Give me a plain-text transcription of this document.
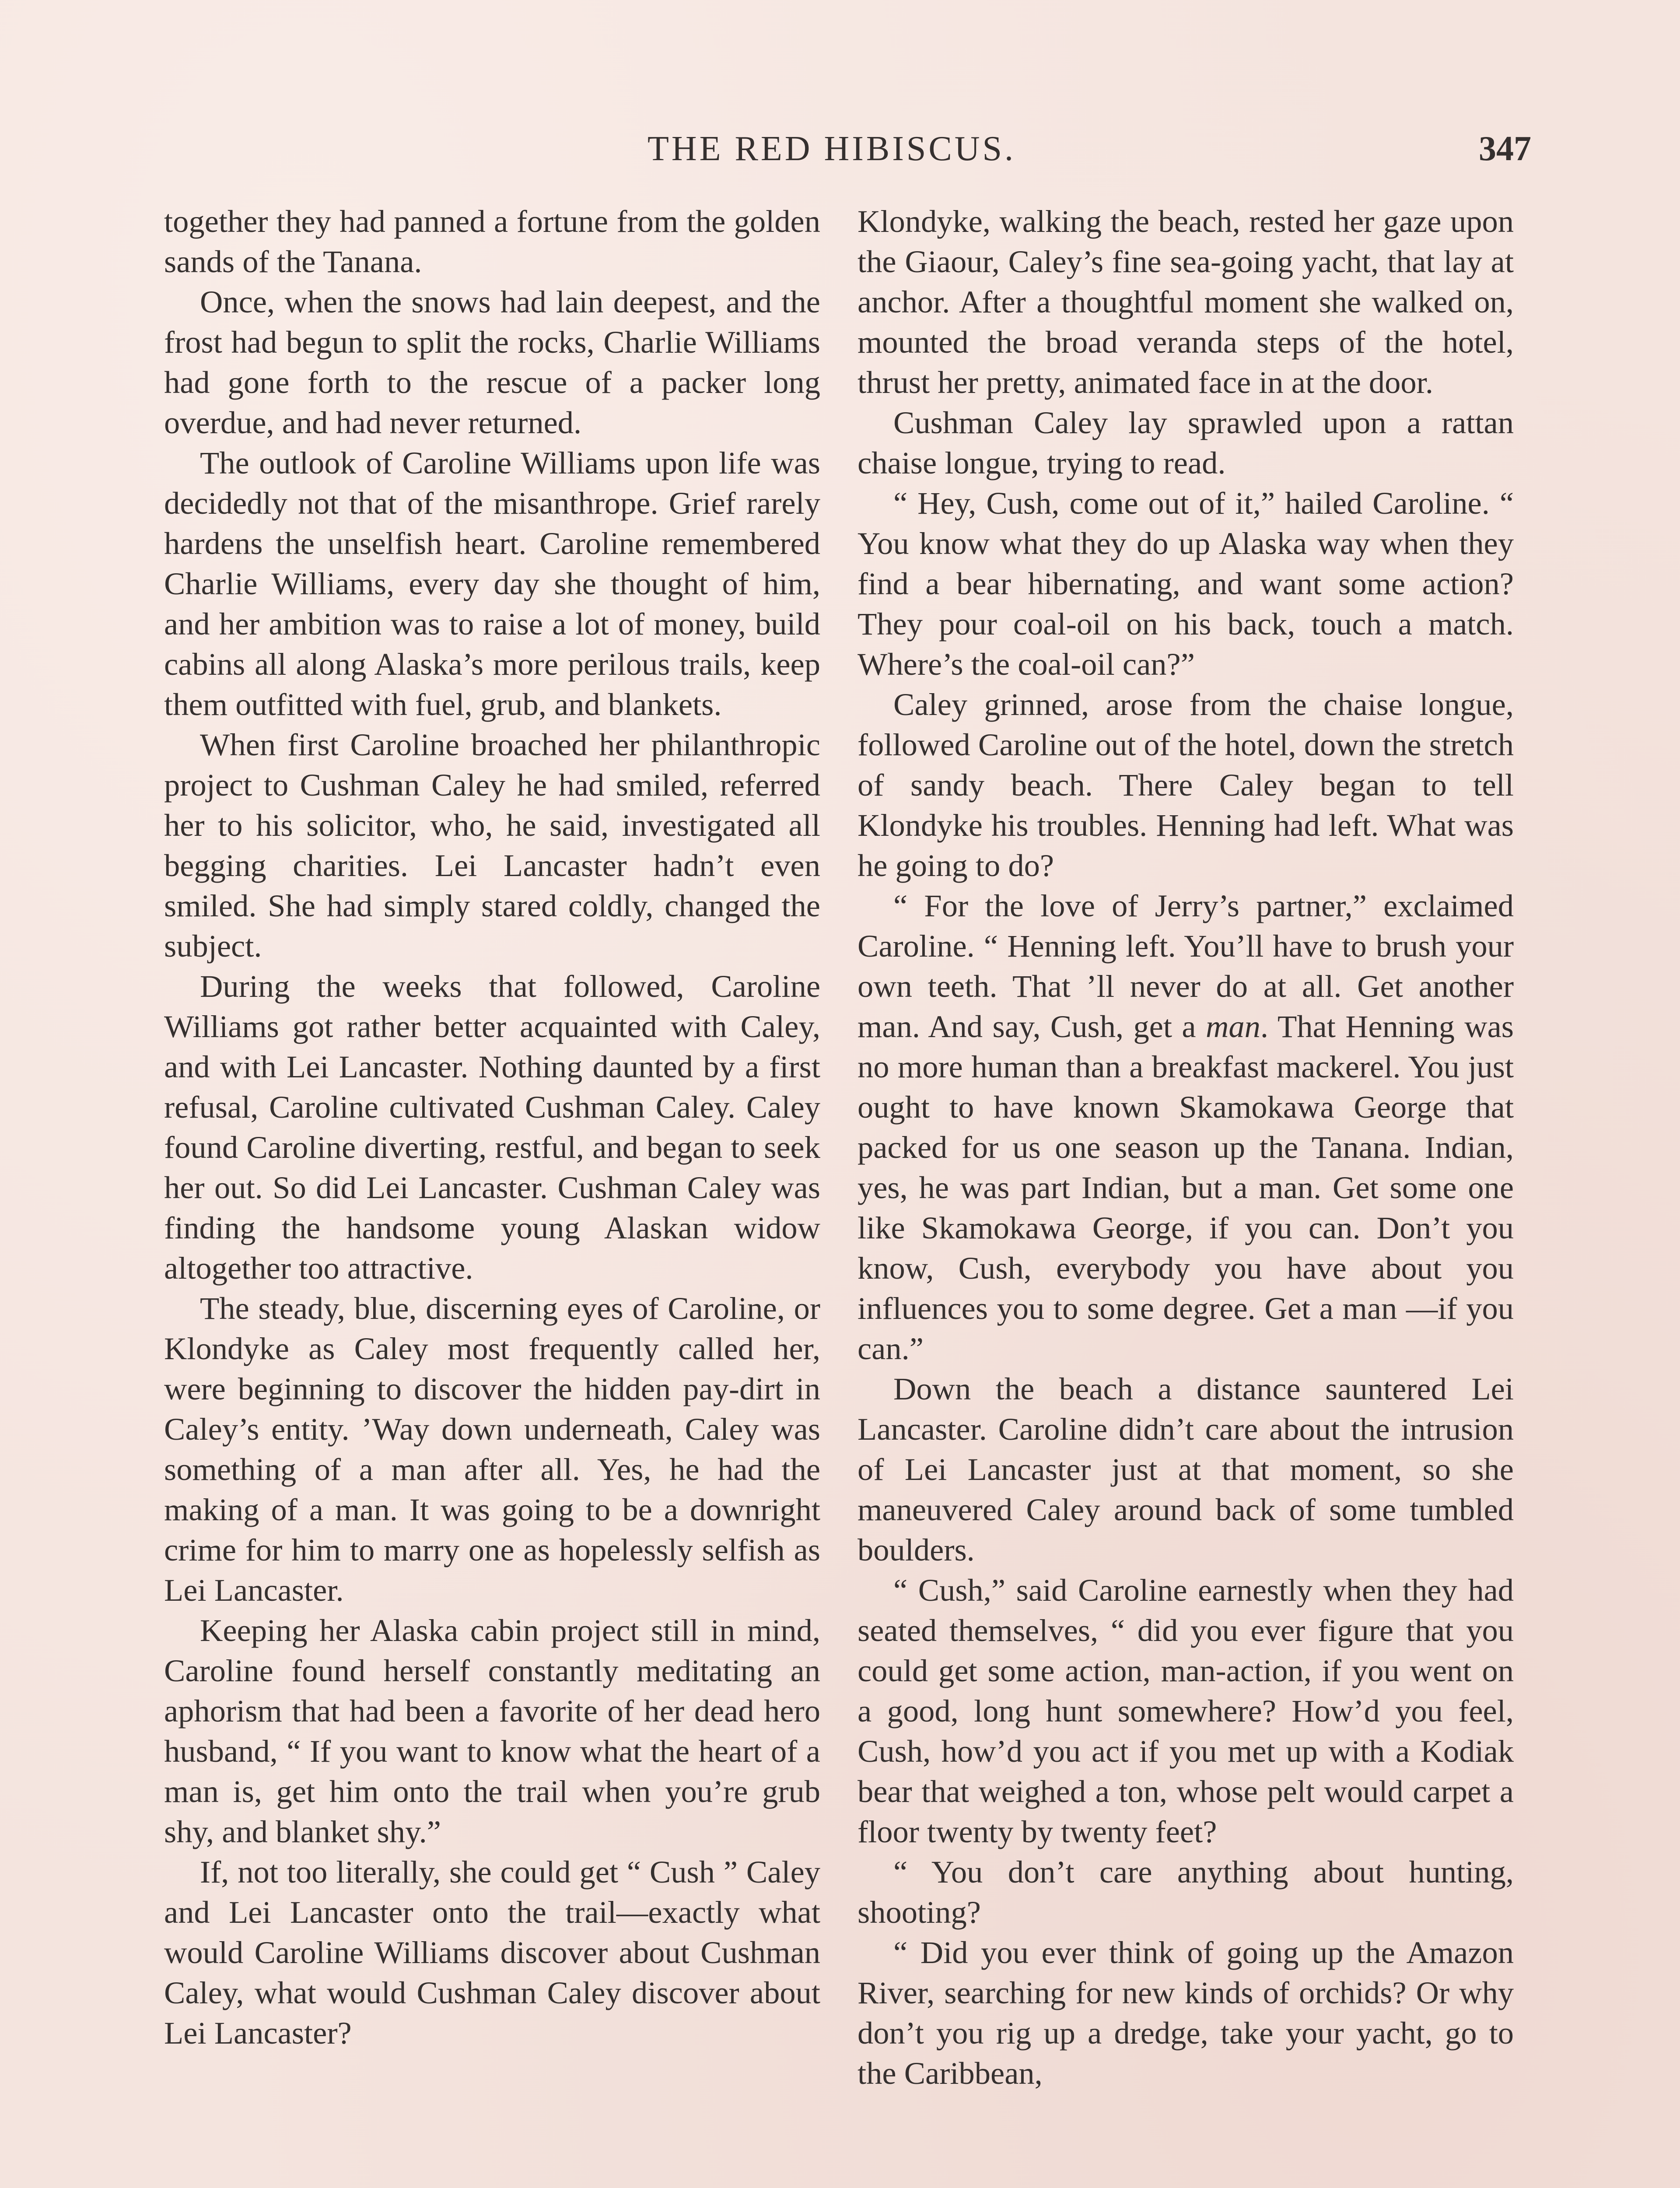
THE RED HIBISCUS.	347

together they had panned a fortune from the golden sands of the Tanana.

Once, when the snows had lain deepest, and the frost had begun to split the rocks, Charlie Williams had gone forth to the rescue of a packer long overdue, and had never returned.

The outlook of Caroline Williams upon life was decidedly not that of the misanthrope. Grief rarely hardens the unselfish heart. Caroline remembered Charlie Williams, every day she thought of him, and her ambition was to raise a lot of money, build cabins all along Alaska’s more perilous trails, keep them outfitted with fuel, grub, and blankets.

When first Caroline broached her philanthropic project to Cushman Caley he had smiled, referred her to his solicitor, who, he said, investigated all begging charities. Lei Lancaster hadn’t even smiled. She had simply stared coldly, changed the subject.

During the weeks that followed, Caroline Williams got rather better acquainted with Caley, and with Lei Lancaster. Nothing daunted by a first refusal, Caroline cultivated Cushman Caley. Caley found Caroline diverting, restful, and began to seek her out. So did Lei Lancaster. Cushman Caley was finding the handsome young Alaskan widow altogether too attractive.

The steady, blue, discerning eyes of Caroline, or Klondyke as Caley most frequently called her, were beginning to discover the hidden pay-dirt in Caley’s entity. ’Way down underneath, Caley was something of a man after all. Yes, he had the making of a man. It was going to be a downright crime for him to marry one as hopelessly selfish as Lei Lancaster.

Keeping her Alaska cabin project still in mind, Caroline found herself constantly meditating an aphorism that had been a favorite of her dead hero husband, “ If you want to know what the heart of a man is, get him onto the trail when you’re grub shy, and blanket shy.”

If, not too literally, she could get “ Cush ” Caley and Lei Lancaster onto the trail—exactly what would Caroline Williams discover about Cushman Caley, what would Cushman Caley discover about Lei Lancaster?

Klondyke, walking the beach, rested her gaze upon the Giaour, Caley’s fine sea-going yacht, that lay at anchor. After a thoughtful moment she walked on, mounted the broad veranda steps of the hotel, thrust her pretty, animated face in at the door.

Cushman Caley lay sprawled upon a rattan chaise longue, trying to read.

“ Hey, Cush, come out of it,” hailed Caroline. “ You know what they do up Alaska way when they find a bear hibernating, and want some action? They pour coal-oil on his back, touch a match. Where’s the coal-oil can?”

Caley grinned, arose from the chaise longue, followed Caroline out of the hotel, down the stretch of sandy beach. There Caley began to tell Klondyke his troubles. Henning had left. What was he going to do?

“ For the love of Jerry’s partner,” exclaimed Caroline. “ Henning left. You’ll have to brush your own teeth. That ’ll never do at all. Get another man. And say, Cush, get a man. That Henning was no more human than a breakfast mackerel. You just ought to have known Skamokawa George that packed for us one season up the Tanana. Indian, yes, he was part Indian, but a man. Get some one like Skamokawa George, if you can. Don’t you know, Cush, everybody you have about you influences you to some degree. Get a man —if you can.”

Down the beach a distance sauntered Lei Lancaster. Caroline didn’t care about the intrusion of Lei Lancaster just at that moment, so she maneuvered Caley around back of some tumbled boulders.

“ Cush,” said Caroline earnestly when they had seated themselves, “ did you ever figure that you could get some action, man-action, if you went on a good, long hunt somewhere? How’d you feel, Cush, how’d you act if you met up with a Kodiak bear that weighed a ton, whose pelt would carpet a floor twenty by twenty feet?

“ You don’t care anything about hunting, shooting?

“ Did you ever think of going up the Amazon River, searching for new kinds of orchids? Or why don’t you rig up a dredge, take your yacht, go to the Caribbean,
